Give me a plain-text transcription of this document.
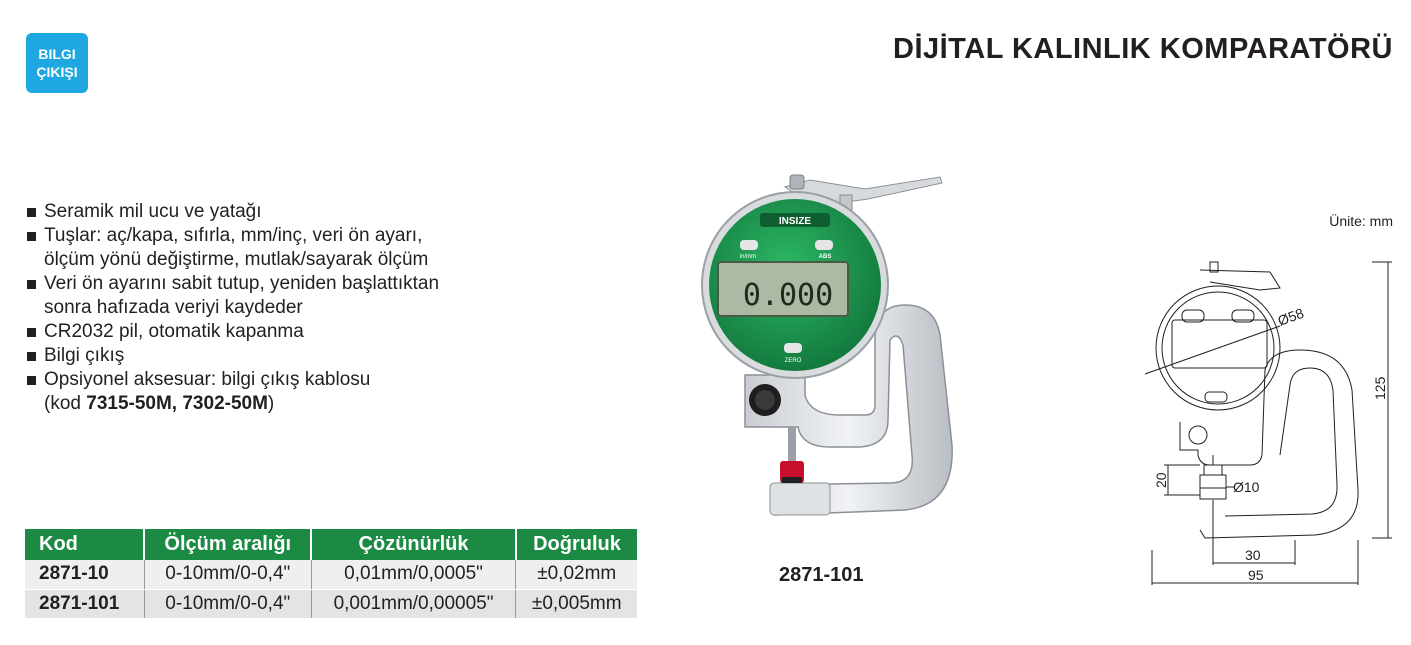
BILGI
ÇIKIŞI
DİJİTAL KALINLIK KOMPARATÖRÜ
Seramik mil ucu ve yatağı
Tuşlar: aç/kapa, sıfırla, mm/inç, veri ön ayarı,
ölçüm yönü değiştirme, mutlak/sayarak ölçüm
Veri ön ayarını sabit tutup, yeniden başlattıktan
sonra hafızada veriyi kaydeder
CR2032 pil, otomatik kapanma
Bilgi çıkış
Opsiyonel aksesuar: bilgi çıkış kablosu
(kod 7315-50M, 7302-50M)
Kod	Ölçüm aralığı	Çözünürlük	Doğruluk
2871-10	0-10mm/0-0,4"	0,01mm/0,0005"	±0,02mm
2871-101	0-10mm/0-0,4"	0,001mm/0,00005"	±0,005mm
INSIZE
in/mm	ABS
0.000
ZERO
2871-101
Ünite: mm
Ø58
125
20	Ø10
30
95
